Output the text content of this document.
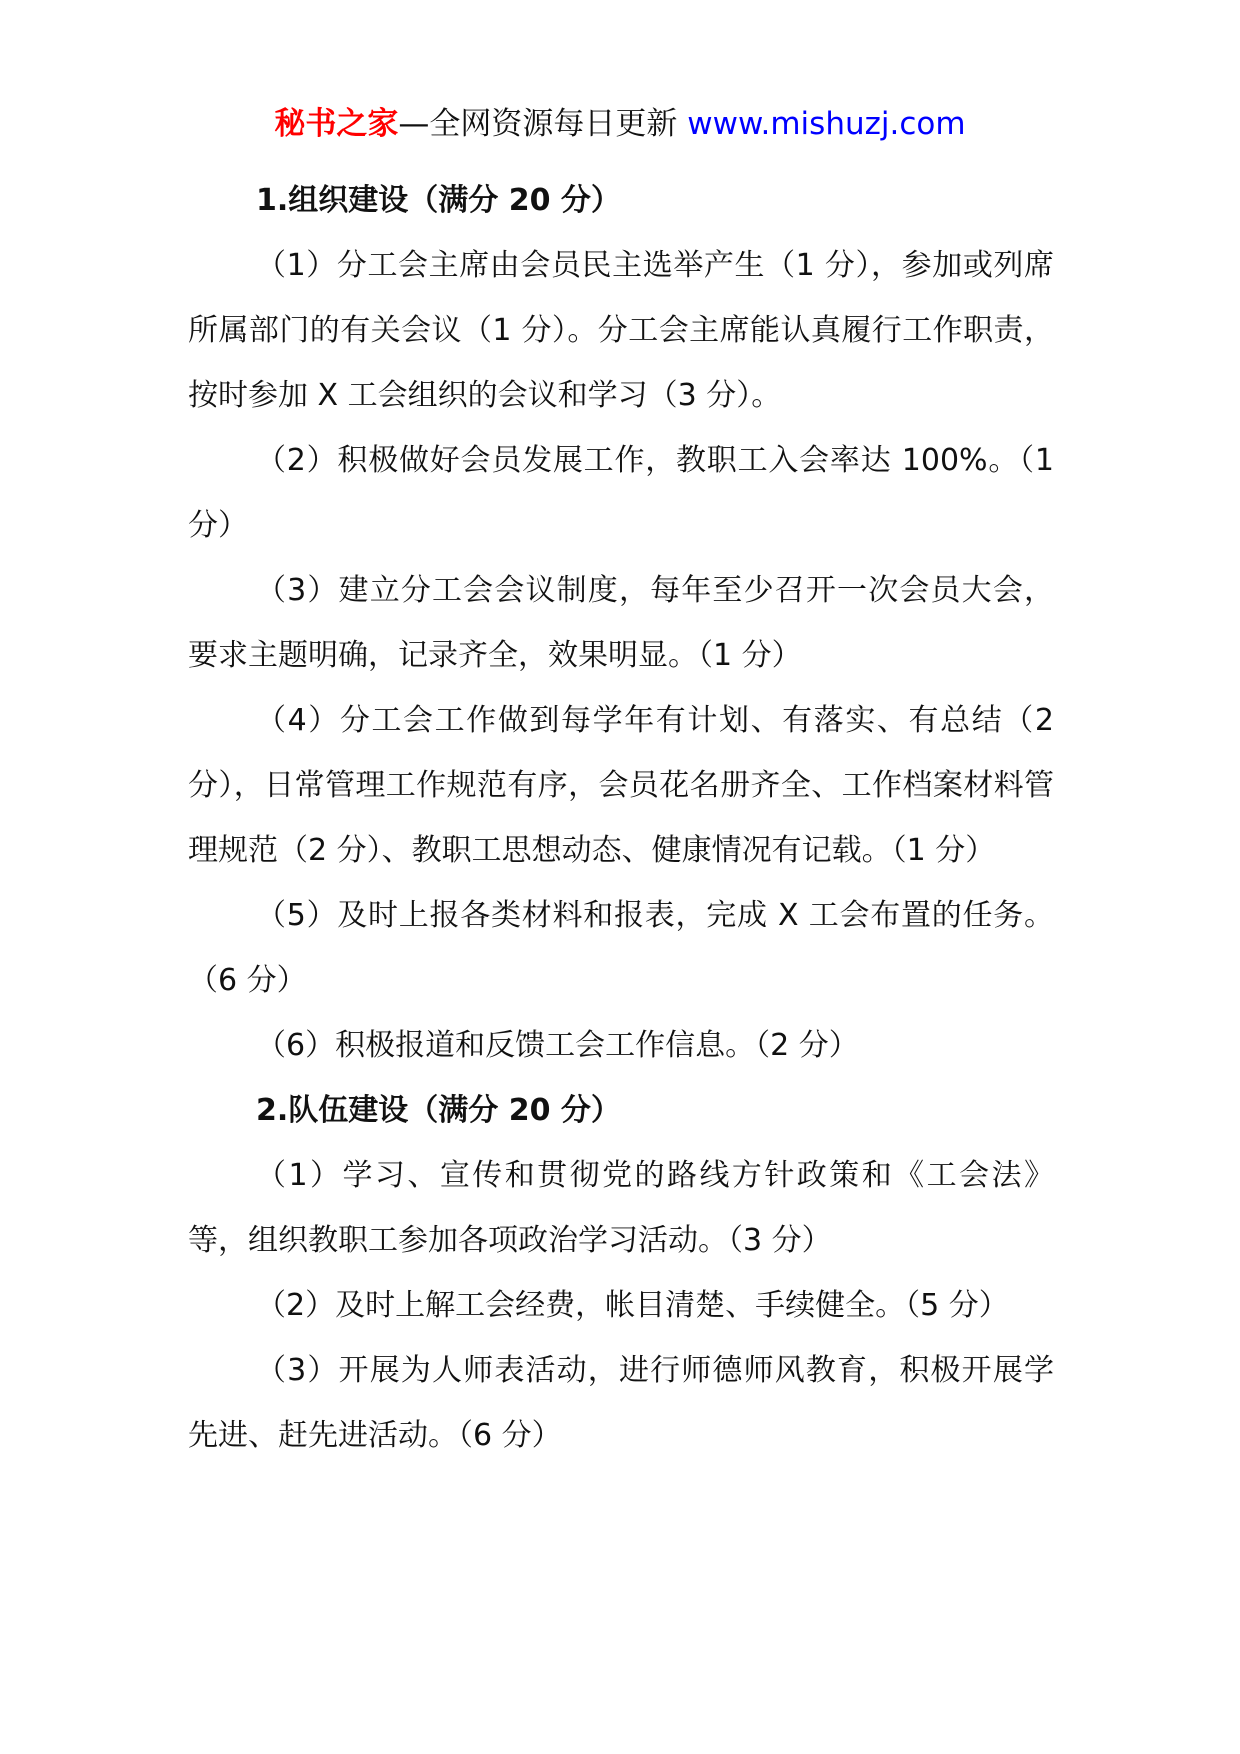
秘书之家—全网资源每日更新 www.mishuzj.com
1.组织建设（满分 20 分）

（1）分工会主席由会员民主选举产生（1 分），参加或列席所属部门的有关会议（1 分）。分工会主席能认真履行工作职责，按时参加 X 工会组织的会议和学习（3 分）。

（2）积极做好会员发展工作，教职工入会率达 100%。（1 分）

（3）建立分工会会议制度，每年至少召开一次会员大会，要求主题明确，记录齐全，效果明显。（1 分）

（4）分工会工作做到每学年有计划、有落实、有总结（2 分），日常管理工作规范有序，会员花名册齐全、工作档案材料管理规范（2 分）、教职工思想动态、健康情况有记载。（1 分）

（5）及时上报各类材料和报表，完成 X 工会布置的任务。（6 分）

（6）积极报道和反馈工会工作信息。（2 分）

2.队伍建设（满分 20 分）

（1）学习、宣传和贯彻党的路线方针政策和《工会法》等，组织教职工参加各项政治学习活动。（3 分）

（2）及时上解工会经费，帐目清楚、手续健全。（5 分）

（3）开展为人师表活动，进行师德师风教育，积极开展学先进、赶先进活动。（6 分）
